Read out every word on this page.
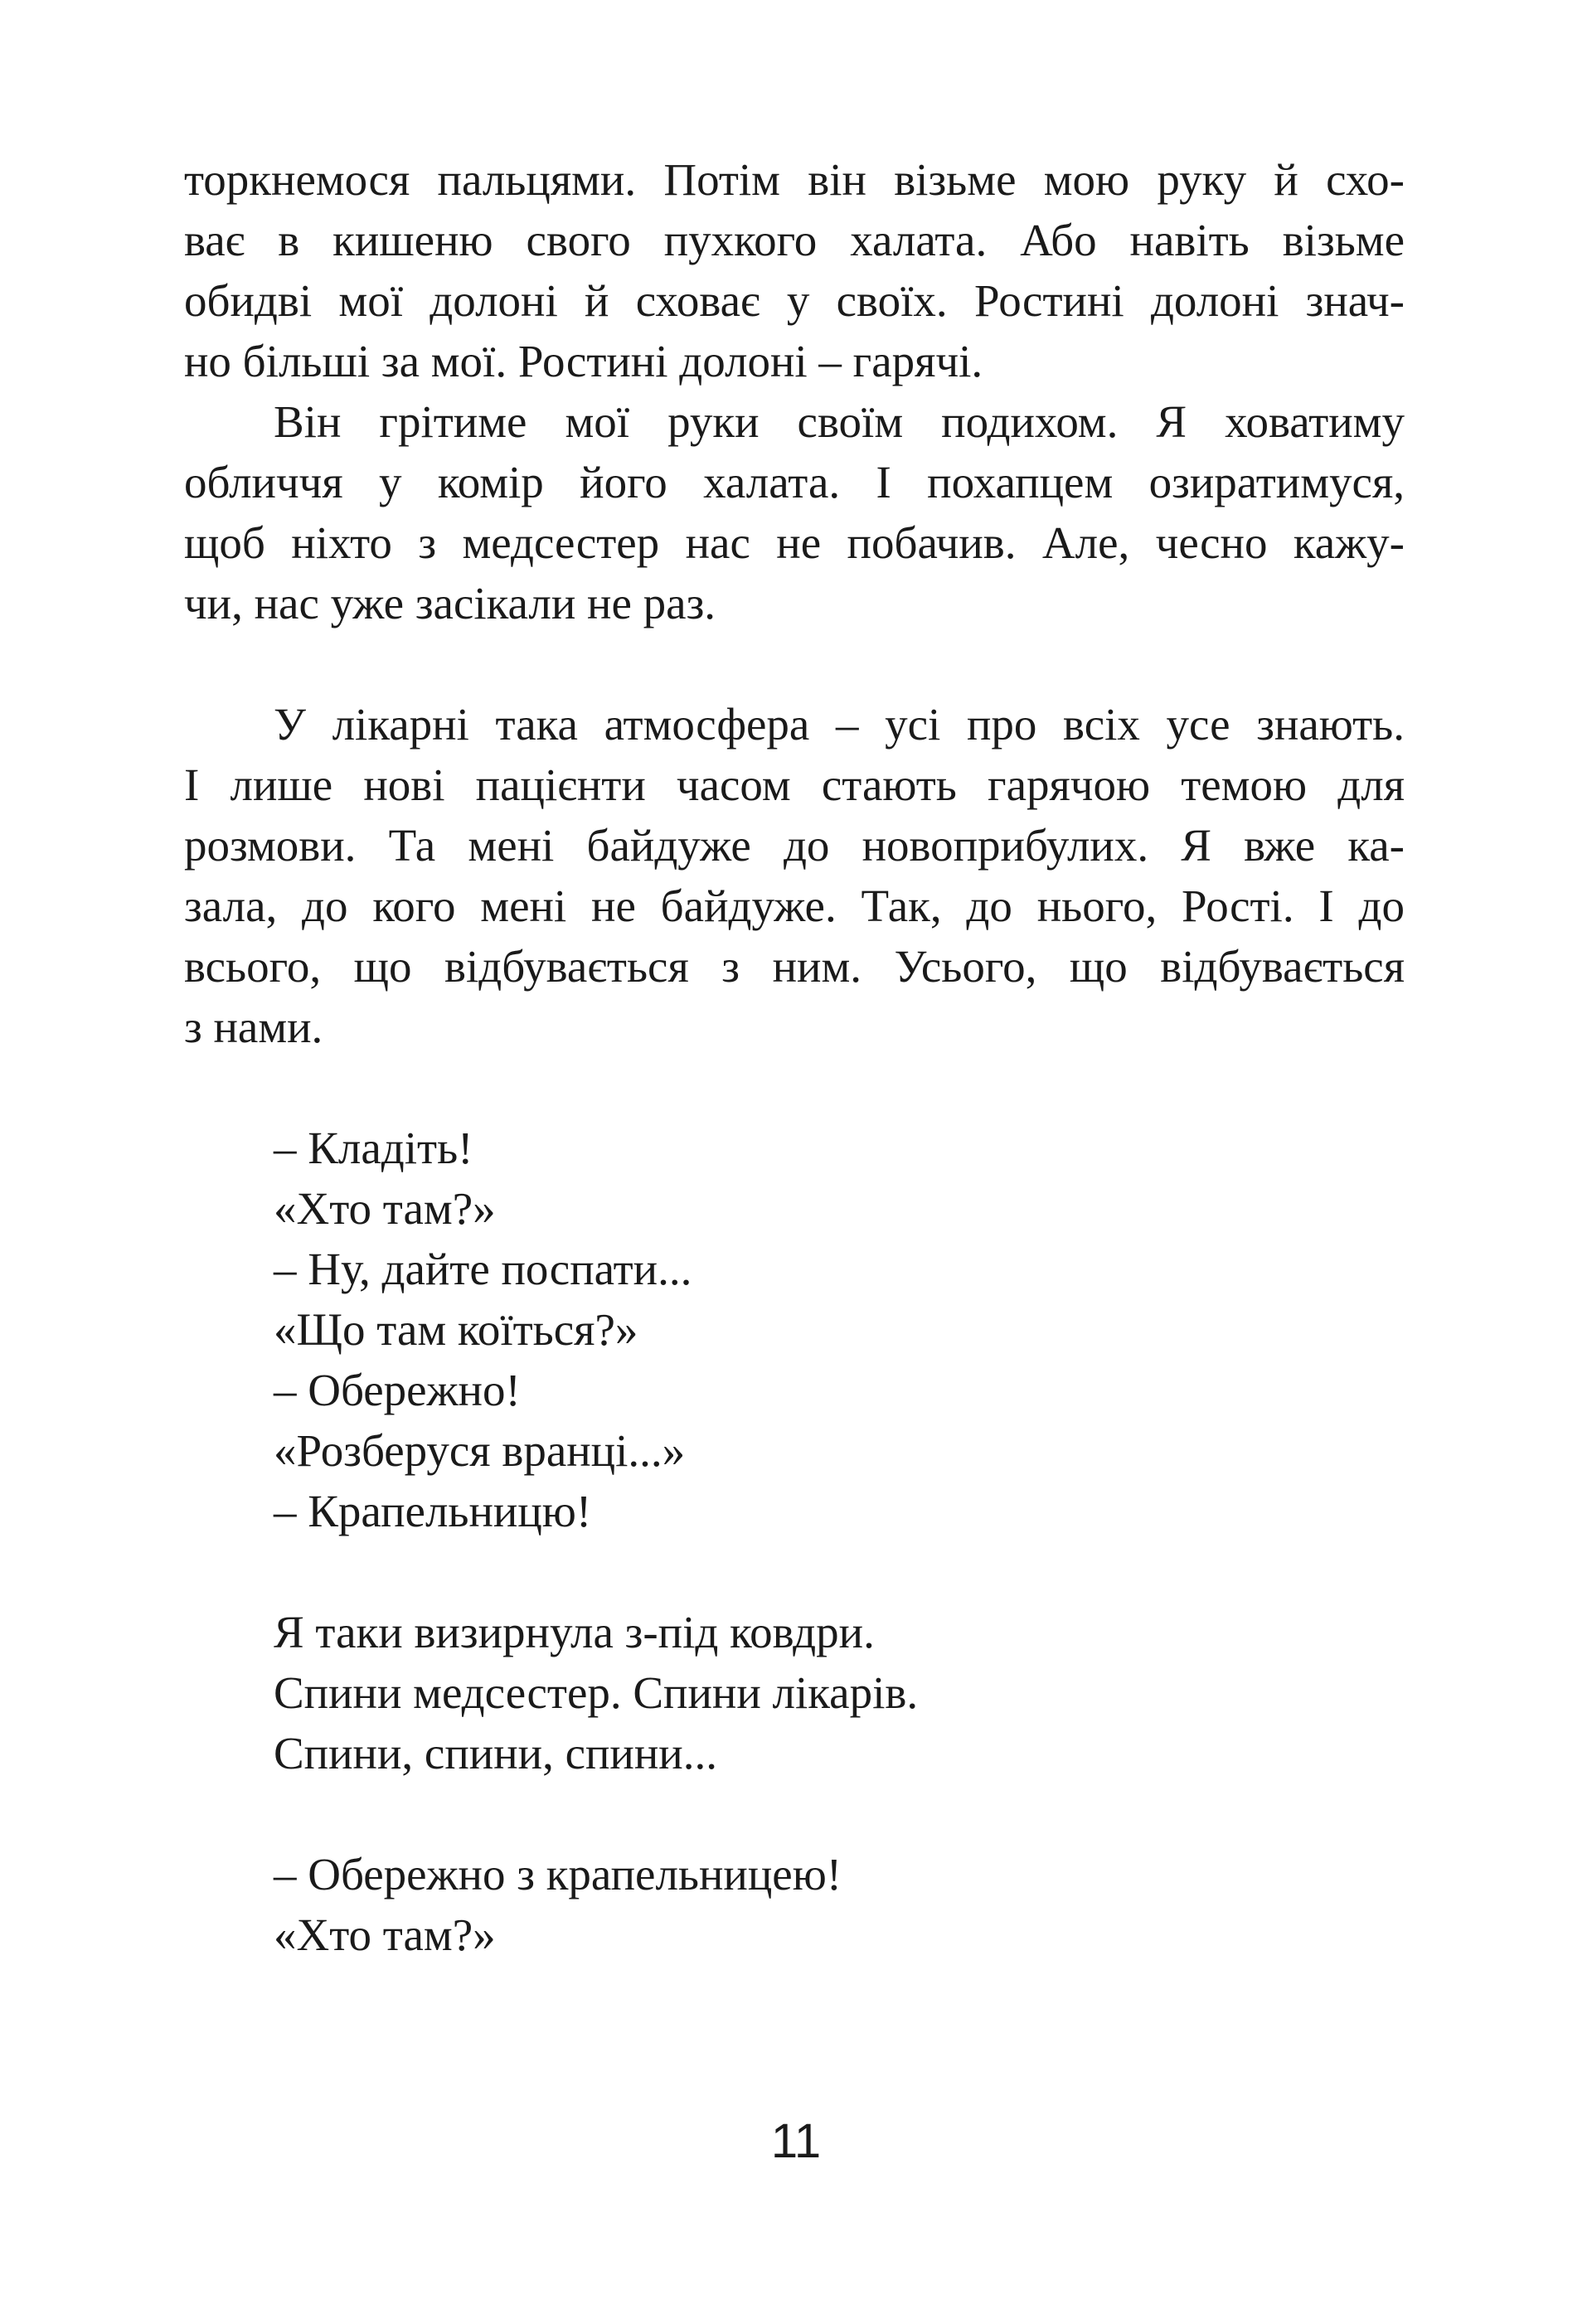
торкнемося пальцями. Потім він візьме мою руку й схо-
ває в кишеню свого пухкого халата. Або навіть візьме
обидві мої долоні й сховає у своїх. Ростині долоні знач-
но більші за мої. Ростині долоні – гарячі.
Він грітиме мої руки своїм подихом. Я ховатиму
обличчя у комір його халата. І похапцем озиратимуся,
щоб ніхто з медсестер нас не побачив. Але, чесно кажу-
чи, нас уже засікали не раз.
У лікарні така атмосфера – усі про всіх усе знають.
І лише нові пацієнти часом стають гарячою темою для
розмови. Та мені байдуже до новоприбулих. Я вже ка-
зала, до кого мені не байдуже. Так, до нього, Рості. І до
всього, що відбувається з ним. Усього, що відбувається
з нами.
– Кладіть!
«Хто там?»
– Ну, дайте поспати...
«Що там коїться?»
– Обережно!
«Розберуся вранці...»
– Крапельницю!
Я таки визирнула з-під ковдри.
Спини медсестер. Спини лікарів.
Спини, спини, спини...
– Обережно з крапельницею!
«Хто там?»
11
